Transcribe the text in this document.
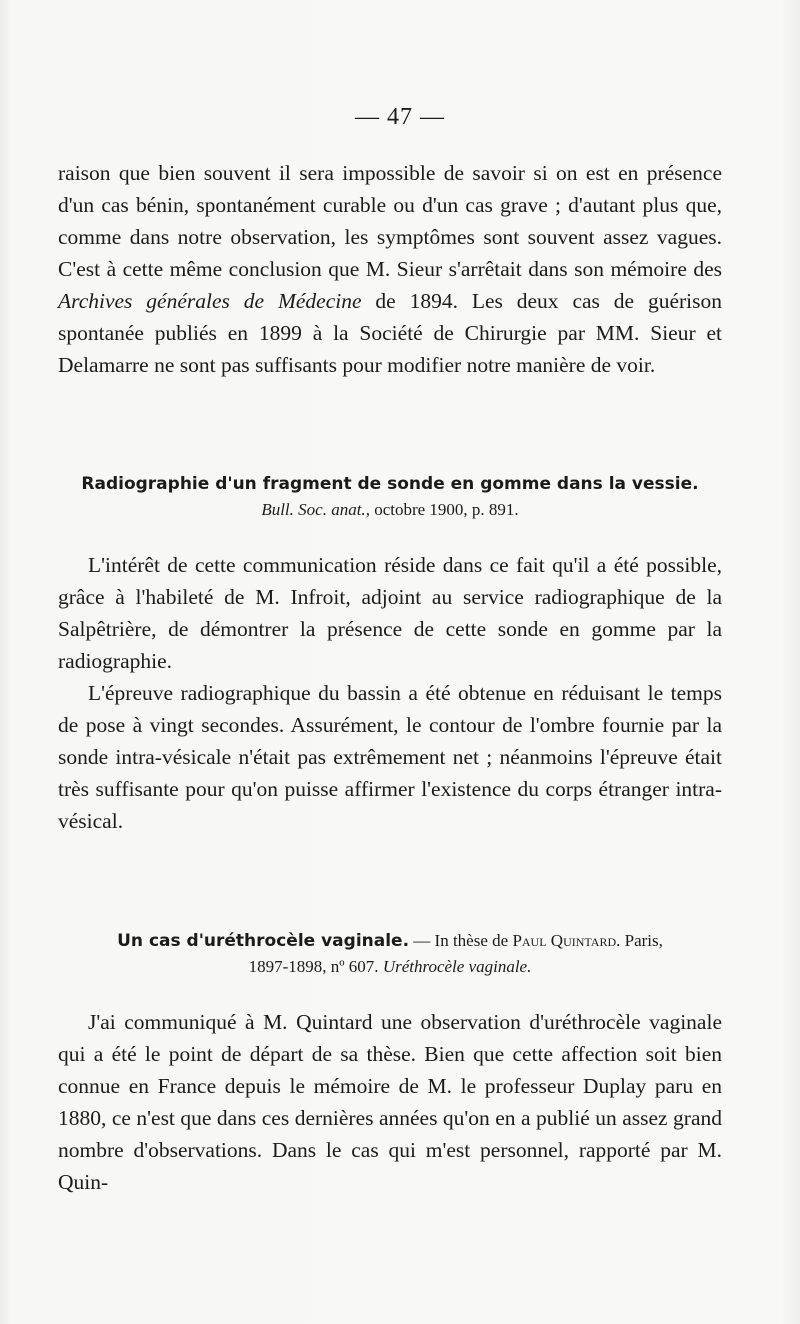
— 47 —

raison que bien souvent il sera impossible de savoir si on est en présence d'un cas bénin, spontanément curable ou d'un cas grave ; d'autant plus que, comme dans notre observation, les symptômes sont souvent assez vagues. C'est à cette même conclusion que M. Sieur s'arrêtait dans son mémoire des Archives générales de Médecine de 1894. Les deux cas de guérison spontanée publiés en 1899 à la Société de Chirurgie par MM. Sieur et Delamarre ne sont pas suffisants pour modifier notre manière de voir.

Radiographie d'un fragment de sonde en gomme dans la vessie.
Bull. Soc. anat., octobre 1900, p. 891.

L'intérêt de cette communication réside dans ce fait qu'il a été possible, grâce à l'habileté de M. Infroit, adjoint au service radiographique de la Salpêtrière, de démontrer la présence de cette sonde en gomme par la radiographie.

L'épreuve radiographique du bassin a été obtenue en réduisant le temps de pose à vingt secondes. Assurément, le contour de l'ombre fournie par la sonde intra-vésicale n'était pas extrêmement net ; néanmoins l'épreuve était très suffisante pour qu'on puisse affirmer l'existence du corps étranger intra-vésical.

Un cas d'uréthrocèle vaginale. — In thèse de Paul Quintard. Paris,
1897-1898, nº 607. Uréthrocèle vaginale.

J'ai communiqué à M. Quintard une observation d'uréthrocèle vaginale qui a été le point de départ de sa thèse. Bien que cette affection soit bien connue en France depuis le mémoire de M. le professeur Duplay paru en 1880, ce n'est que dans ces dernières années qu'on en a publié un assez grand nombre d'observations. Dans le cas qui m'est personnel, rapporté par M. Quin-
